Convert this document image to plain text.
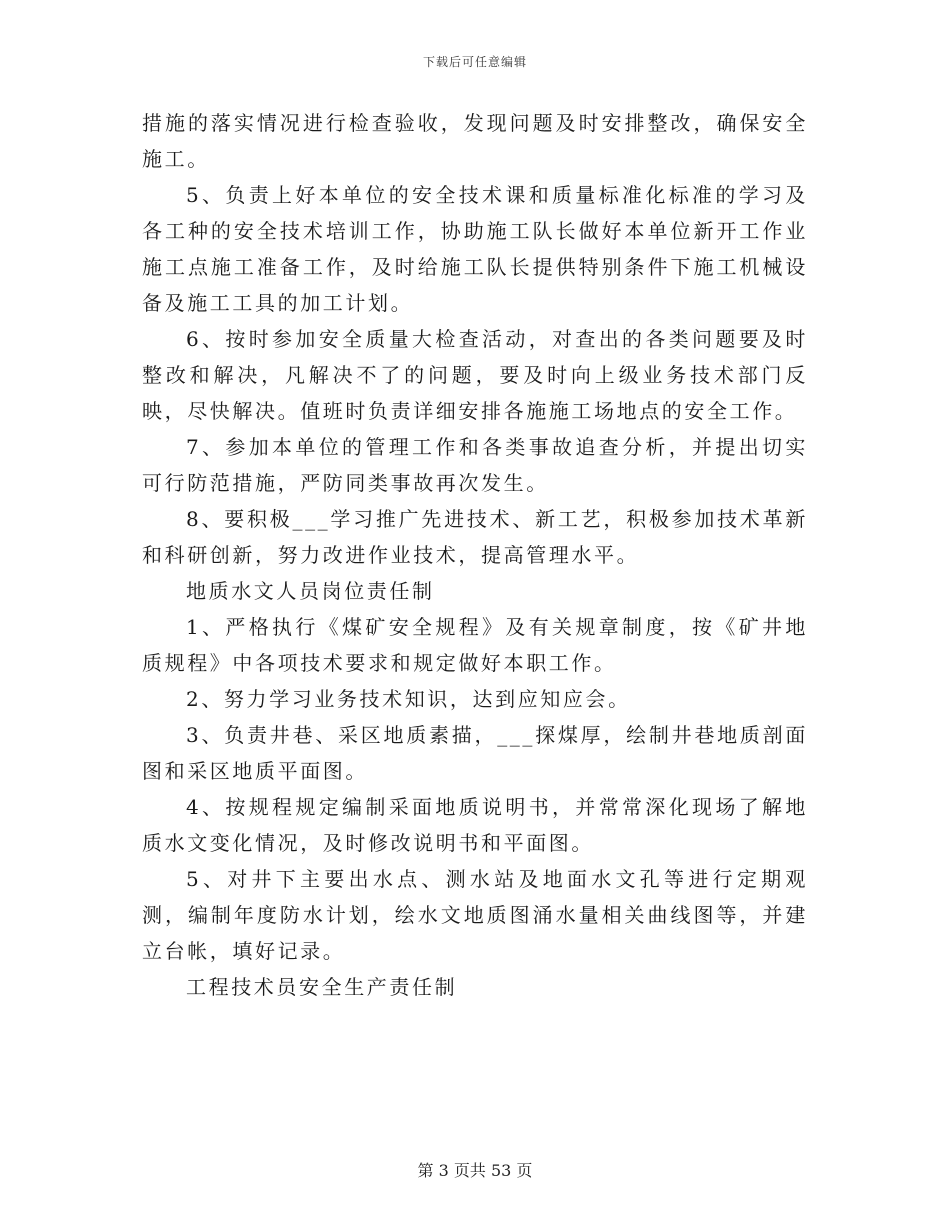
下载后可任意编辑

措施的落实情况进行检查验收，发现问题及时安排整改，确保安全施工。

5、负责上好本单位的安全技术课和质量标准化标准的学习及各工种的安全技术培训工作，协助施工队长做好本单位新开工作业施工点施工准备工作，及时给施工队长提供特别条件下施工机械设备及施工工具的加工计划。

6、按时参加安全质量大检查活动，对查出的各类问题要及时整改和解决，凡解决不了的问题，要及时向上级业务技术部门反映，尽快解决。值班时负责详细安排各施施工场地点的安全工作。

7、参加本单位的管理工作和各类事故追查分析，并提出切实可行防范措施，严防同类事故再次发生。

8、要积极___学习推广先进技术、新工艺，积极参加技术革新和科研创新，努力改进作业技术，提高管理水平。

地质水文人员岗位责任制

1、严格执行《煤矿安全规程》及有关规章制度，按《矿井地质规程》中各项技术要求和规定做好本职工作。

2、努力学习业务技术知识，达到应知应会。

3、负责井巷、采区地质素描，___探煤厚，绘制井巷地质剖面图和采区地质平面图。

4、按规程规定编制采面地质说明书，并常常深化现场了解地质水文变化情况，及时修改说明书和平面图。

5、对井下主要出水点、测水站及地面水文孔等进行定期观测，编制年度防水计划，绘水文地质图涌水量相关曲线图等，并建立台帐，填好记录。

工程技术员安全生产责任制

第 3 页共 53 页
